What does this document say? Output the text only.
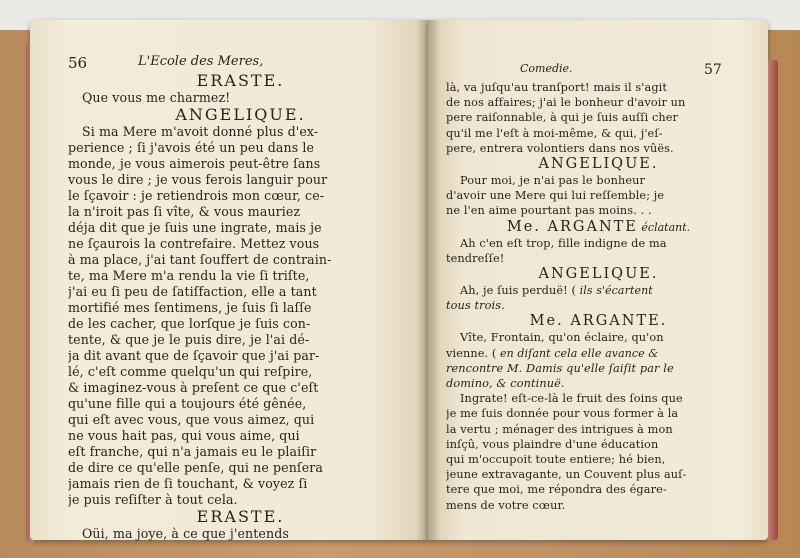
56	L'Ecole des Meres,
ERASTE.
Que vous me charmez!
ANGELIQUE.
Si ma Mere m'avoit donné plus d'ex-
perience ; ſi j'avois été un peu dans le
monde, je vous aimerois peut-être ſans
vous le dire ; je vous ferois languir pour
le ſçavoir : je retiendrois mon cœur, ce-
la n'iroit pas ſi vîte, & vous mauriez
déja dit que je ſuis une ingrate, mais je
ne ſçaurois la contrefaire. Mettez vous
à ma place, j'ai tant ſouffert de contrain-
te, ma Mere m'a rendu la vie ſi triſte,
j'ai eu ſi peu de ſatiſfaction, elle a tant
mortifié mes ſentimens, je ſuis ſi laſſe
de les cacher, que lorſque je ſuis con-
tente, & que je le puis dire, je l'ai dé-
ja dit avant que de ſçavoir que j'ai par-
lé, c'eſt comme quelqu'un qui reſpire,
& imaginez-vous à preſent ce que c'eſt
qu'une fille qui a toujours été gênée,
qui eſt avec vous, que vous aimez, qui
ne vous hait pas, qui vous aime, qui
eſt franche, qui n'a jamais eu le plaiſir
de dire ce qu'elle penſe, qui ne penſera
jamais rien de ſi touchant, & voyez ſi
je puis reſiſter à tout cela.
ERASTE.
Oüi, ma joye, à ce que j'entends
Comedie.	57
là, va juſqu'au tranſport! mais il s'agit
de nos affaires; j'ai le bonheur d'avoir un
pere raiſonnable, à qui je ſuis auſſi cher
qu'il me l'eſt à moi-même, & qui, j'eſ-
pere, entrera volontiers dans nos vûës.
ANGELIQUE.
Pour moi, je n'ai pas le bonheur
d'avoir une Mere qui lui reſſemble; je
ne l'en aime pourtant pas moins. . .
Me. ARGANTE éclatant.
Ah c'en eſt trop, fille indigne de ma
tendreſſe!
ANGELIQUE.
Ah, je ſuis perduë! ( ils s'écartent
tous trois.
Me. ARGANTE.
Vîte, Frontain, qu'on éclaire, qu'on
vienne. ( en diſant cela elle avance &
rencontre M. Damis qu'elle ſaiſit par le
domino, & continuë.
Ingrate! eſt-ce-là le fruit des ſoins que
je me ſuis donnée pour vous former à la
la vertu ; ménager des intrigues à mon
inſçû, vous plaindre d'une éducation
qui m'occupoit toute entiere; hé bien,
jeune extravagante, un Couvent plus auſ-
tere que moi, me répondra des égare-
mens de votre cœur.
